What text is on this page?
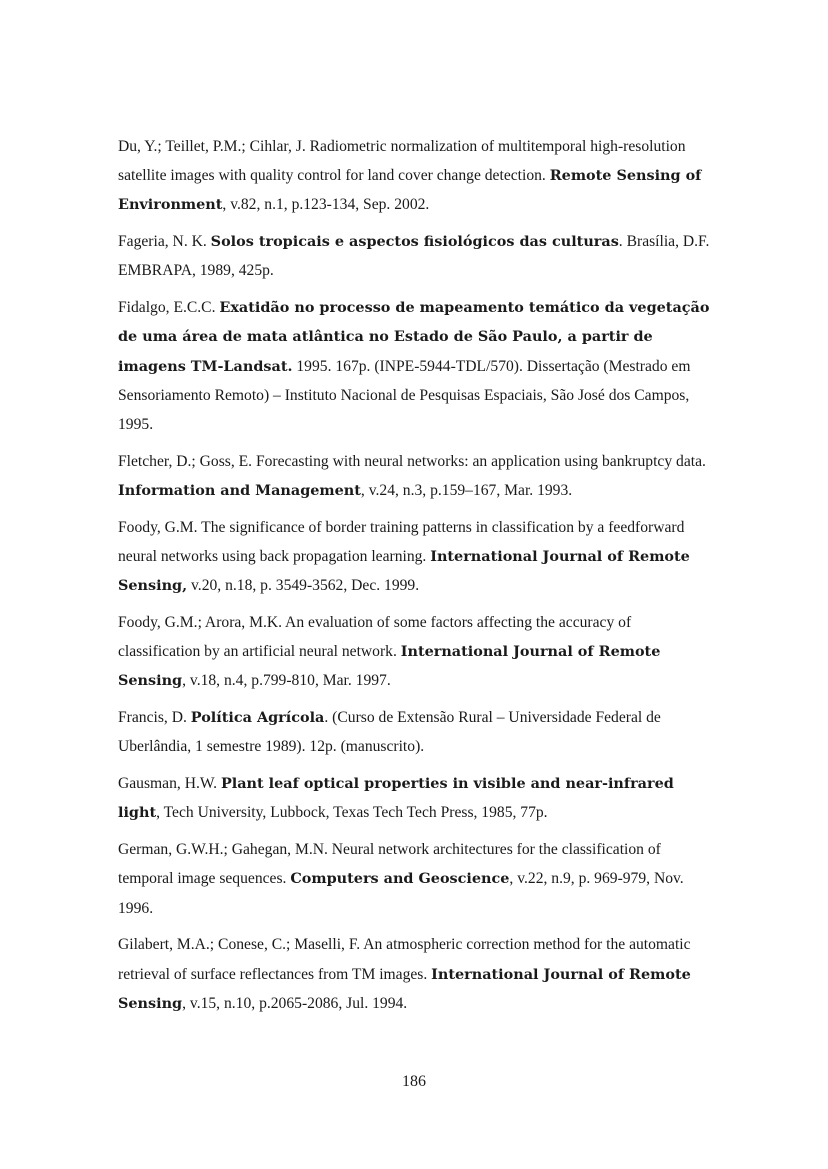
Du, Y.; Teillet, P.M.; Cihlar, J. Radiometric normalization of multitemporal high-resolution satellite images with quality control for land cover change detection. Remote Sensing of Environment, v.82, n.1, p.123-134, Sep. 2002.

Fageria, N. K. Solos tropicais e aspectos fisiológicos das culturas. Brasília, D.F. EMBRAPA, 1989, 425p.

Fidalgo, E.C.C. Exatidão no processo de mapeamento temático da vegetação de uma área de mata atlântica no Estado de São Paulo, a partir de imagens TM-Landsat. 1995. 167p. (INPE-5944-TDL/570). Dissertação (Mestrado em Sensoriamento Remoto) – Instituto Nacional de Pesquisas Espaciais, São José dos Campos, 1995.

Fletcher, D.; Goss, E. Forecasting with neural networks: an application using bankruptcy data. Information and Management, v.24, n.3, p.159–167, Mar. 1993.

Foody, G.M. The significance of border training patterns in classification by a feedforward neural networks using back propagation learning. International Journal of Remote Sensing, v.20, n.18, p. 3549-3562, Dec. 1999.

Foody, G.M.; Arora, M.K. An evaluation of some factors affecting the accuracy of classification by an artificial neural network. International Journal of Remote Sensing, v.18, n.4, p.799-810, Mar. 1997.

Francis, D. Política Agrícola. (Curso de Extensão Rural – Universidade Federal de Uberlândia, 1 semestre 1989). 12p. (manuscrito).

Gausman, H.W. Plant leaf optical properties in visible and near-infrared light, Tech University, Lubbock, Texas Tech Tech Press, 1985, 77p.

German, G.W.H.; Gahegan, M.N. Neural network architectures for the classification of temporal image sequences. Computers and Geoscience, v.22, n.9, p. 969-979, Nov. 1996.

Gilabert, M.A.; Conese, C.; Maselli, F. An atmospheric correction method for the automatic retrieval of surface reflectances from TM images. International Journal of Remote Sensing, v.15, n.10, p.2065-2086, Jul. 1994.

186
